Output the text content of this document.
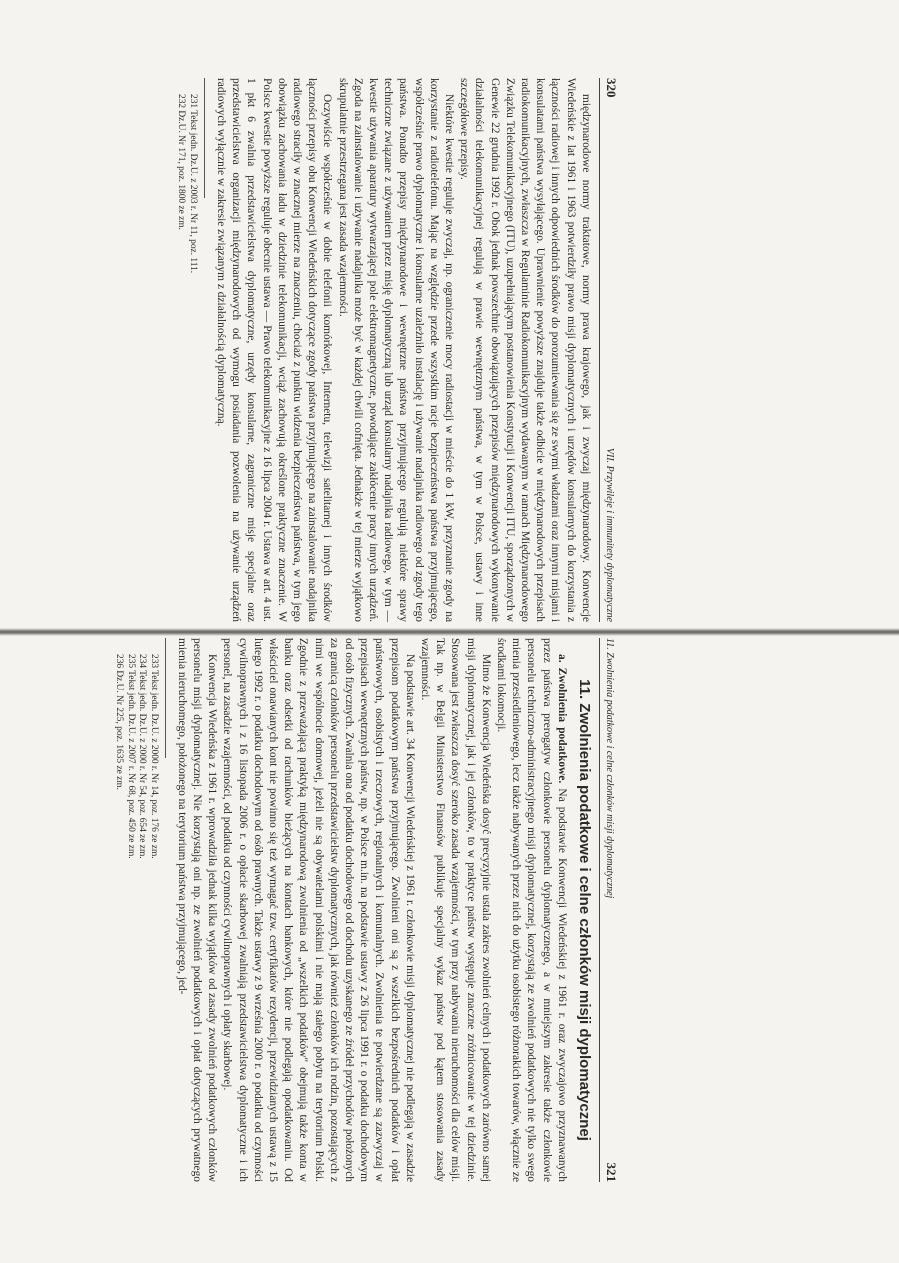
320
VII. Przywileje i immunitety dyplomatyczne

międzynarodowe normy traktatowe, normy prawa krajowego, jak i zwyczaj międzynarodowy. Konwencje Wiedeńskie z lat 1961 i 1963 potwierdziły prawo misji dyplomatycznych i urzędów konsularnych do korzystania z łączności radiowej i innych odpowiednich środków do porozumiewania się ze swymi władzami oraz innymi misjami i konsulatami państwa wysyłającego. Uprawnienie powyższe znajduje także odbicie w międzynarodowych przepisach radiokomunikacyjnych, zwłaszcza w Regulaminie Radiokomunikacyjnym wydawanym w ramach Międzynarodowego Związku Telekomunikacyjnego (ITU), uzupełniającym postanowienia Konstytucji i Konwencji ITU, sporządzonych w Genewie 22 grudnia 1992 r. Obok jednak powszechnie obowiązujących przepisów międzynarodowych wykonywanie działalności telekomunikacyjnej regulują w prawie wewnętrznym państwa, w tym w Polsce, ustawy i inne szczegółowe przepisy.

Niektóre kwestie reguluje zwyczaj, np. ograniczenie mocy radiostacji w mieście do 1 kW, przyznanie zgody na korzystanie z radiotelefonu. Mając na względzie przede wszystkim racje bezpieczeństwa państwa przyjmującego, współcześnie prawo dyplomatyczne i konsularne uzależniło instalację i używanie nadajnika radiowego od zgody tego państwa. Ponadto przepisy międzynarodowe i wewnętrzne państwa przyjmującego regulują niektóre sprawy techniczne związane z używaniem przez misję dyplomatyczną lub urząd konsularny nadajnika radiowego, w tym — kwestie używania aparatury wytwarzającej pole elektromagnetyczne, powodujące zakłócenie pracy innych urządzeń. Zgoda na zainstalowanie i używanie nadajnika może być w każdej chwili cofnięta. Jednakże w tej mierze wyjątkowo skrupulatnie przestrzegana jest zasada wzajemności.

Oczywiście współcześnie w dobie telefonii komórkowej, Internetu, telewizji satelitarnej i innych środków łączności przepisy obu Konwencji Wiedeńskich dotyczące zgody państwa przyjmującego na zainstalowanie nadajnika radiowego straciły w znacznej mierze na znaczeniu, chociaż z punktu widzenia bezpieczeństwa państwa, w tym jego obowiązku zachowania ładu w dziedzinie telekomunikacji, wciąż zachowują określone praktyczne znaczenie. W Polsce kwestie powyższe reguluje obecnie ustawa — Prawo telekomunikacyjne z 16 lipca 2004 r. Ustawa w art. 4 ust. 1 pkt 6 zwalnia przedstawicielstwa dyplomatyczne, urzędy konsularne, zagraniczne misje specjalne oraz przedstawicielstwa organizacji międzynarodowych od wymogu posiadania pozwolenia na używanie urządzeń radiowych wyłącznie w zakresie związanym z działalnością dyplomatyczną.

231 Tekst jedn. Dz.U. z 2003 r. Nr 11, poz. 111.

232 Dz.U. Nr 171, poz. 1800 ze zm.

11. Zwolnienia podatkowe i celne członków misji dyplomatycznej
321
11. Zwolnienia podatkowe i celne członków misji dyplomatycznej

a. Zwolnienia podatkowe. Na podstawie Konwencji Wiedeńskiej z 1961 r. oraz zwyczajowo przyznawanych przez państwa prerogatyw członkowie personelu dyplomatycznego, a w mniejszym zakresie także członkowie personelu techniczno-administracyjnego misji dyplomatycznej, korzystają ze zwolnień podatkowych nie tylko swego mienia przesiedleniowego, lecz także nabywanych przez nich do użytku osobistego różnorakich towarów, włącznie ze środkami lokomocji.

Mimo że Konwencja Wiedeńska dosyć precyzyjnie ustala zakres zwolnień celnych i podatkowych zarówno samej misji dyplomatycznej, jak i jej członków, to w praktyce państw występuje znaczne zróżnicowanie w tej dziedzinie. Stosowana jest zwłaszcza dosyć szeroko zasada wzajemności, w tym przy nabywaniu nieruchomości dla celów misji. Tak np. w Belgii Ministerstwo Finansów publikuje specjalny wykaz państw pod kątem stosowania zasady wzajemności.

Na podstawie art. 34 Konwencji Wiedeńskiej z 1961 r. członkowie misji dyplomatycznej nie podlegają w zasadzie przepisom podatkowym państwa przyjmującego. Zwolnieni oni są z wszelkich bezpośrednich podatków i opłat państwowych, osobistych i rzeczowych, regionalnych i komunalnych. Zwolnienia te potwierdzane są zazwyczaj w przepisach wewnętrznych państw, np. w Polsce m.in. na podstawie ustawy z 26 lipca 1991 r. o podatku dochodowym od osób fizycznych. Zwalnia ona od podatku dochodowego od dochodu uzyskanego ze źródeł przychodów położonych za granicą członków personelu przedstawicielstw dyplomatycznych, jak również członków ich rodzin, pozostających z nimi we wspólnocie domowej, jeżeli nie są obywatelami polskimi i nie mają stałego pobytu na terytorium Polski. Zgodnie z przeważającą praktyką międzynarodową zwolnienia od „wszelkich podatków" obejmują także konta w banku oraz odsetki od rachunków bieżących na kontach bankowych, które nie podlegają opodatkowaniu. Od właściciel onawianych kont nie powinno się też wymagać tzw. certyfikatów rezydencji, przewidzianych ustawą z 15 lutego 1992 r. o podatku dochodowym od osób prawnych. Także ustawy z 9 września 2000 r. o podatku od czynności cywilnoprawnych i z 16 listopada 2006 r. o opłacie skarbowej zwalniają przedstawicielstwa dyplomatyczne i ich personel, na zasadzie wzajemności, od podatku od czynności cywilnoprawnych i opłaty skarbowej.

Konwencja Wiedeńska z 1961 r. wprowadziła jednak kilka wyjątków od zasady zwolnień podatkowych członków personelu misji dyplomatycznej. Nie korzystają oni np. ze zwolnień podatkowych i opłat dotyczących prywatnego mienia nieruchomego, położonego na terytorium państwa przyjmującego, jed-

233 Tekst jedn. Dz.U. z 2000 r. Nr 14, poz. 176 ze zm.

234 Tekst jedn. Dz.U. z 2000 r. Nr 54, poz. 654 ze zm.

235 Tekst jedn. Dz.U. z 2007 r. Nr 68, poz. 450 ze zm.

236 Dz.U. Nr 225, poz. 1635 ze zm.
